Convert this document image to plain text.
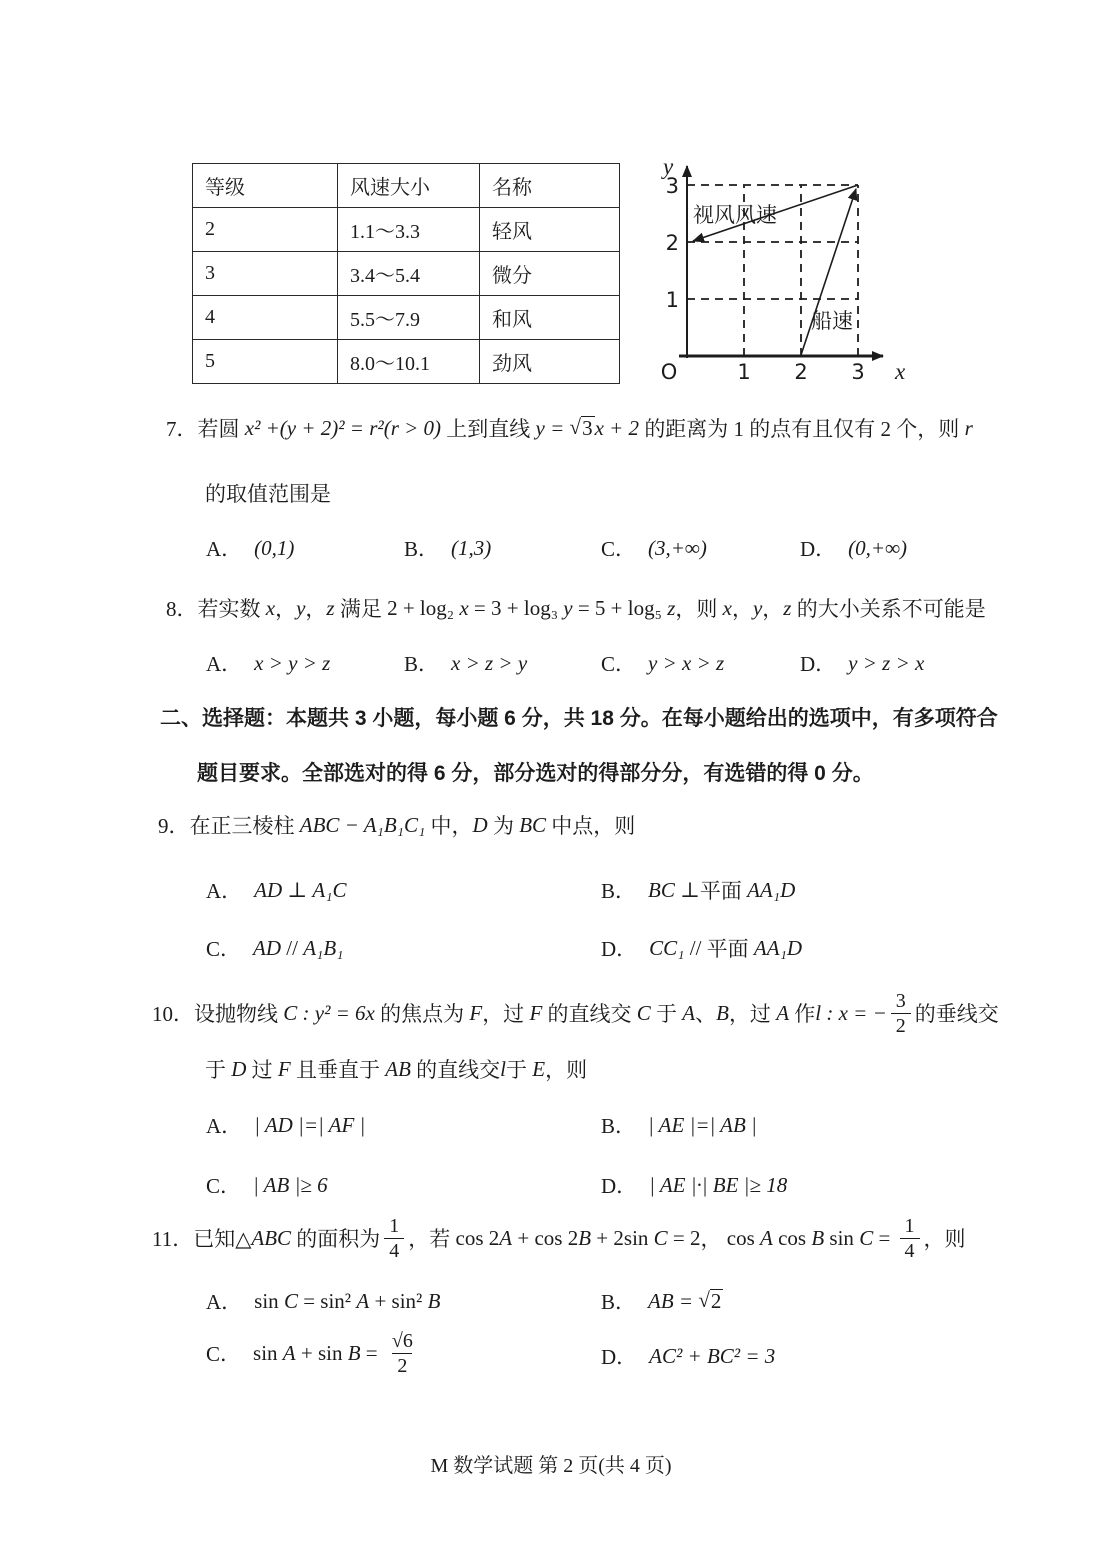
等级	风速大小	名称
2	1.1～3.3	轻风
3	3.4～5.4	微分
4	5.5～7.9	和风
5	8.0～10.1	劲风
y
x
O	1 2 3
1
2
3
视风风速
船速
7．若圆 x² +(y + 2)² = r²(r > 0) 上到直线 y = √ 3 x + 2 的距离为 1 的点有且仅有 2 个，则 r
的取值范围是
A． (0,1)	B． (1,3)	C． (3,+∞)	D． (0,+∞)
8．若实数 x ， y ， z 满足 2 + log₂ x = 3 + log₃ y = 5 + log₅ z ，则 x ， y ， z 的大小关系不可能是
A． x > y > z	B． x > z > y	C． y > x > z	D． y > z > x
二、选择题：本题共 3 小题，每小题 6 分，共 18 分。在每小题给出的选项中，有多项符合
题目要求。全部选对的得 6 分，部分选对的得部分分，有选错的得 0 分。
9．在正三棱柱 ABC − A₁B₁C₁ 中， D 为 BC 中点，则
A． AD ⊥ A₁C	B． BC ⊥ 平面 AA₁D
C． AD // A₁B₁	D． CC₁ // 平面 AA₁D
10．设抛物线 C : y² = 6x 的焦点为 F ，过 F 的直线交 C 于 A 、 B ，过 A 作 l : x = − $\frac{3}{2}$ 的垂线交
于 D 过 F 且垂直于 AB 的直线交 l 于 E ，则
A． | AD |=| AF |	B． | AE |=| AB |
C． | AB |≥ 6	D． | AE |·| BE |≥ 18
11．已知△ ABC 的面积为 $\frac{1}{4}$ ，若 cos 2 A + cos 2 B + 2sin C = 2 ， cos A cos B $\sin C = \frac{1}{4}$ ，则
A． sin C = sin² A + sin² B	B． AB = √ 2
C． $\sin A + \sin B = \frac{√ 6}{2}$	D． AC² + BC² = 3
M 数学试题 第 2 页(共 4 页)
